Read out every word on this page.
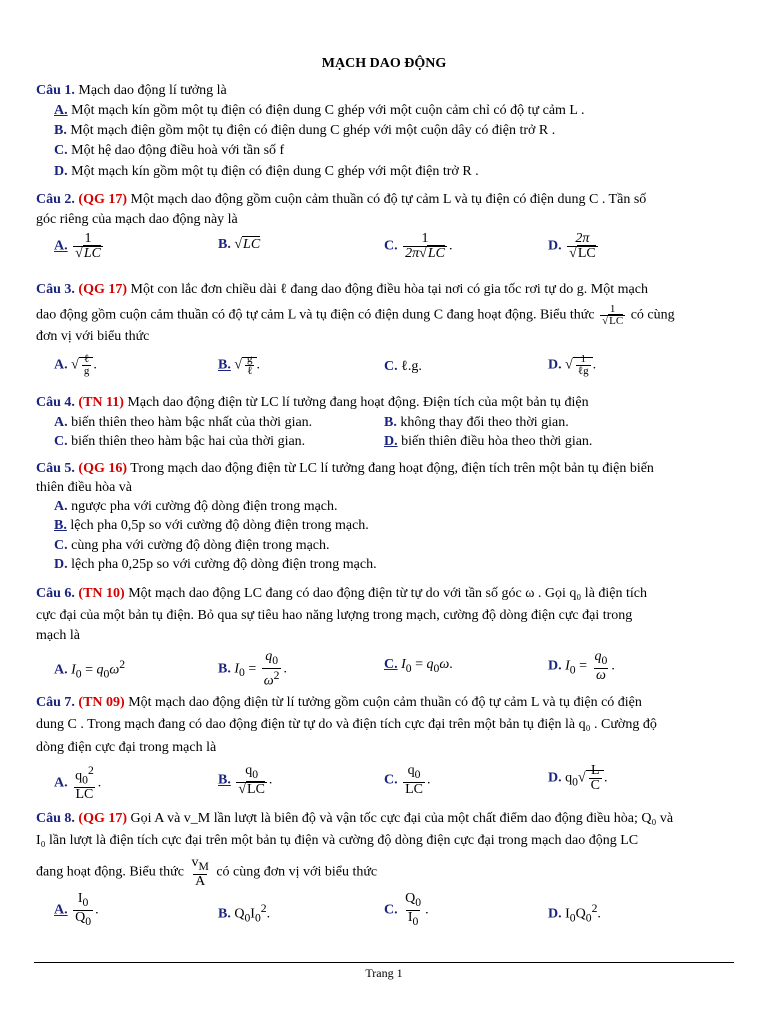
MẠCH DAO ĐỘNG
Câu 1. Mạch dao động lí tưởng là
A. Một mạch kín gồm một tụ điện có điện dung C ghép với một cuộn cảm chỉ có độ tự cảm L .
B. Một mạch điện gồm một tụ điện có điện dung C ghép với một cuộn dây có điện trở R .
C. Một hệ dao động điều hoà với tần số f
D. Một mạch kín gồm một tụ điện có điện dung C ghép với một điện trở R .
Câu 2. (QG 17) Một mạch dao động gồm cuộn cảm thuần có độ tự cảm L và tụ điện có điện dung C . Tần số
góc riêng của mạch dao động này là
A. $\frac{1}{√LC}$	B. √LC	C. $\frac{1}{2\pi√LC}$ .	D. $\frac{2\pi}{√LC}$
Câu 3. (QG 17) Một con lắc đơn chiều dài ℓ đang dao động điều hòa tại nơi có gia tốc rơi tự do g. Một mạch
dao động gồm cuộn cảm thuần có độ tự cảm L và tụ điện có điện dung C đang hoạt động. Biểu thức $\frac{1}{√LC}$ có cùng
đơn vị với biểu thức
A. √ $\frac{\text{ℓ}}{g}$ .	B. √ $\frac{g}{\text{ℓ}}$ .	C. ℓ.g.	D. √ $\frac{1}{\text{ℓg}}$ .
Câu 4. (TN 11) Mạch dao động điện từ LC lí tưởng đang hoạt động. Điện tích của một bản tụ điện
A. biến thiên theo hàm bậc nhất của thời gian.	B. không thay đổi theo thời gian.
C. biến thiên theo hàm bậc hai của thời gian.	D. biến thiên điều hòa theo thời gian.
Câu 5. (QG 16) Trong mạch dao động điện từ LC lí tưởng đang hoạt động, điện tích trên một bản tụ điện biến
thiên điều hòa và
A. ngược pha với cường độ dòng điện trong mạch.
B. lệch pha 0,5p so với cường độ dòng điện trong mạch.
C. cùng pha với cường độ dòng điện trong mạch.
D. lệch pha 0,25p so với cường độ dòng điện trong mạch.
Câu 6. (TN 10) Một mạch dao động LC đang có dao động điện từ tự do với tần số góc ω . Gọi q₀ là điện tích
cực đại của một bản tụ điện. Bỏ qua sự tiêu hao năng lượng trong mạch, cường độ dòng điện cực đại trong
mạch là
A. $I_0 = q_0\omega^2$	B. $I_0 = \frac{q_0}{\omega^2}$ .	C. $I_0 = q_0\omega$.	D. $I_0 = \frac{q_0}{\omega}$ .
Câu 7. (TN 09) Một mạch dao động điện từ lí tưởng gồm cuộn cảm thuần có độ tự cảm L và tụ điện có điện
dung C . Trong mạch đang có dao động điện từ tự do và điện tích cực đại trên một bản tụ điện là q₀ . Cường độ
dòng điện cực đại trong mạch là
A. $\frac{q_0^2}{LC}$ .	B. $\frac{q_0}{√LC}$ .	C. $\frac{q_0}{LC}$ .	D. $q_0√ \frac{L}{C}$ .
Câu 8. (QG 17) Gọi A và v_M lần lượt là biên độ và vận tốc cực đại của một chất điểm dao động điều hòa; Q₀ và
I₀ lần lượt là điện tích cực đại trên một bản tụ điện và cường độ dòng điện cực đại trong mạch dao động LC
đang hoạt động. Biểu thức $\frac{v_M}{A}$ có cùng đơn vị với biểu thức
A. $\frac{I_0}{Q_0}$ .	B. $Q_0I_0^2$.	C. $\frac{Q_0}{I_0}$ .	D. $I_0Q_0^2$.
Trang 1
